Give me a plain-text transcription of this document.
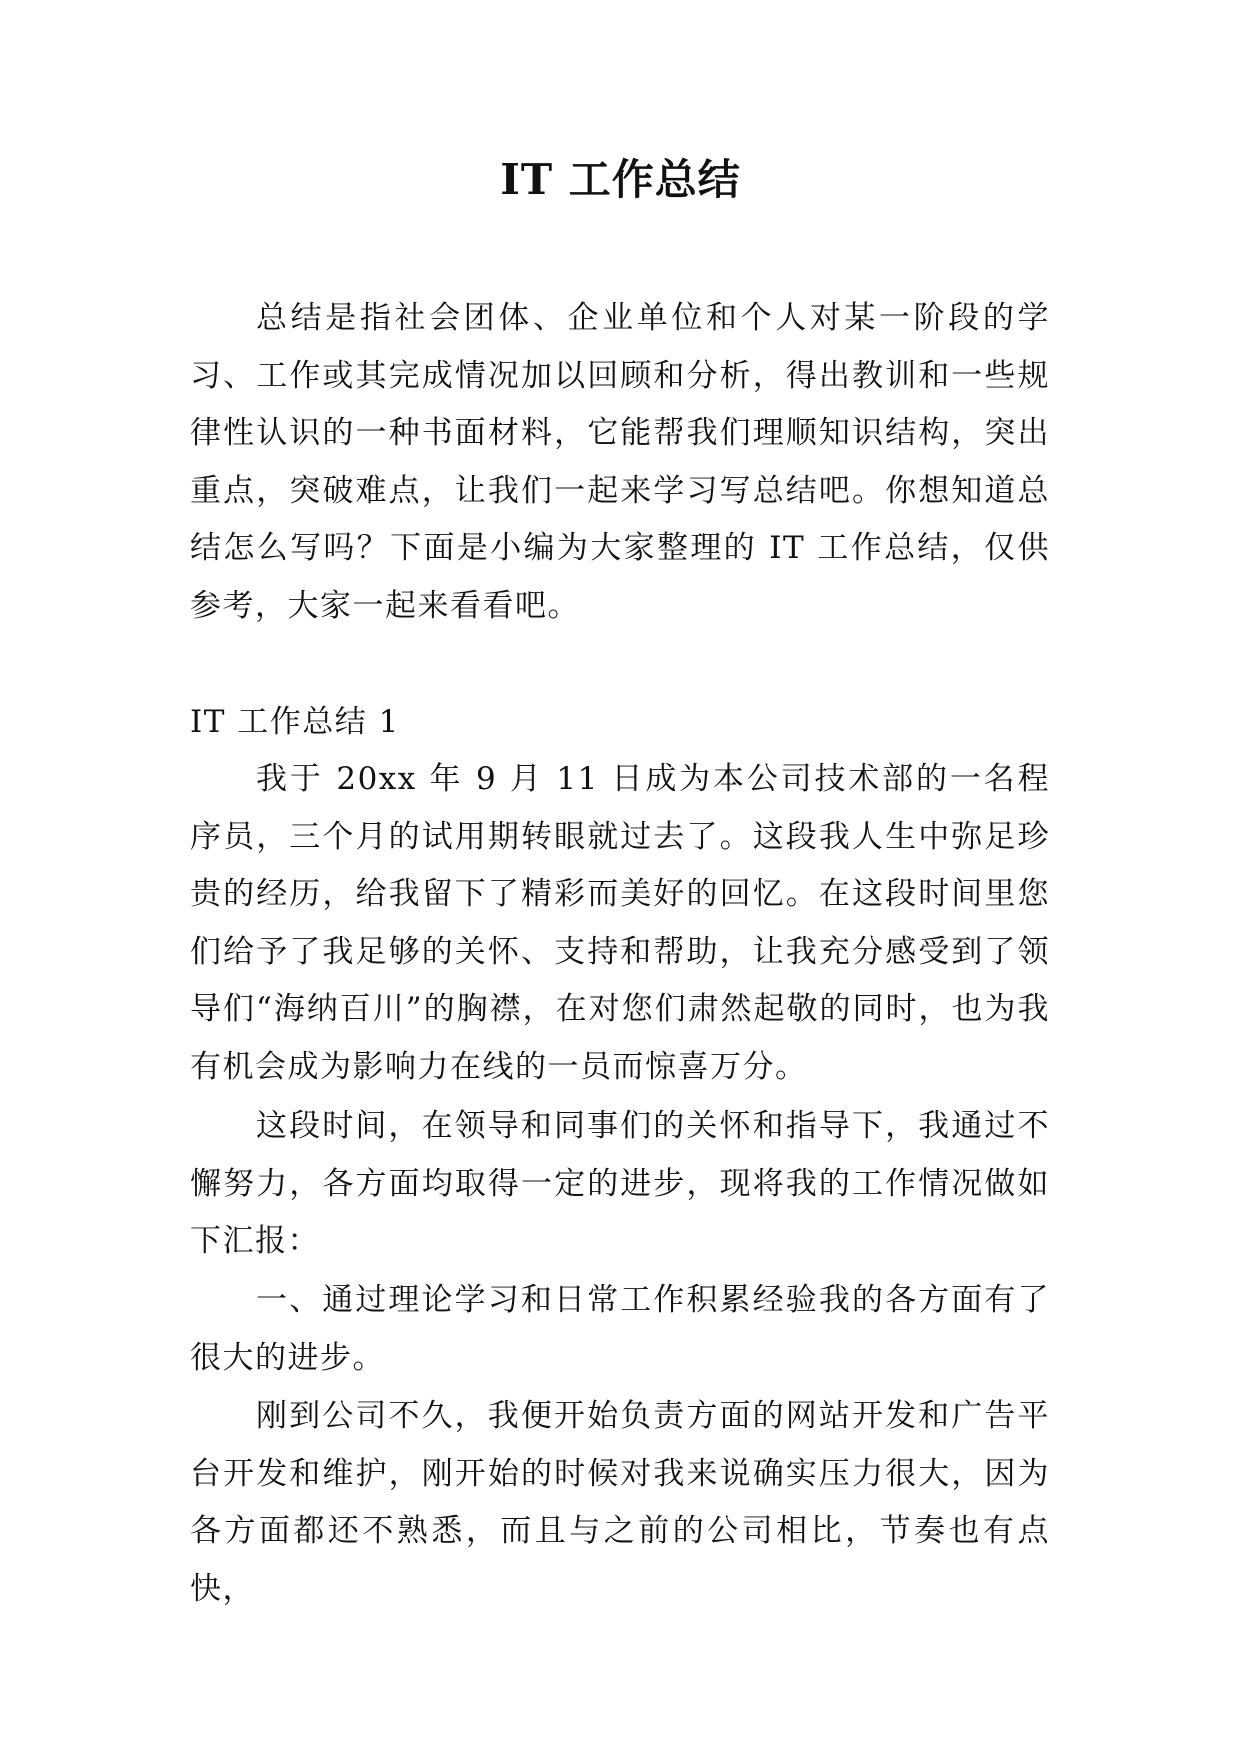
IT 工作总结

总结是指社会团体、企业单位和个人对某一阶段的学习、工作或其完成情况加以回顾和分析，得出教训和一些规律性认识的一种书面材料，它能帮我们理顺知识结构，突出重点，突破难点，让我们一起来学习写总结吧。你想知道总结怎么写吗？下面是小编为大家整理的 IT 工作总结，仅供参考，大家一起来看看吧。

IT 工作总结 1

我于 20xx 年 9 月 11 日成为本公司技术部的一名程序员，三个月的试用期转眼就过去了。这段我人生中弥足珍贵的经历，给我留下了精彩而美好的回忆。在这段时间里您们给予了我足够的关怀、支持和帮助，让我充分感受到了领导们“海纳百川”的胸襟，在对您们肃然起敬的同时，也为我有机会成为影响力在线的一员而惊喜万分。

这段时间，在领导和同事们的关怀和指导下，我通过不懈努力，各方面均取得一定的进步，现将我的工作情况做如下汇报：

一、通过理论学习和日常工作积累经验我的各方面有了很大的进步。

刚到公司不久，我便开始负责方面的网站开发和广告平台开发和维护，刚开始的时候对我来说确实压力很大，因为各方面都还不熟悉，而且与之前的公司相比，节奏也有点快，
